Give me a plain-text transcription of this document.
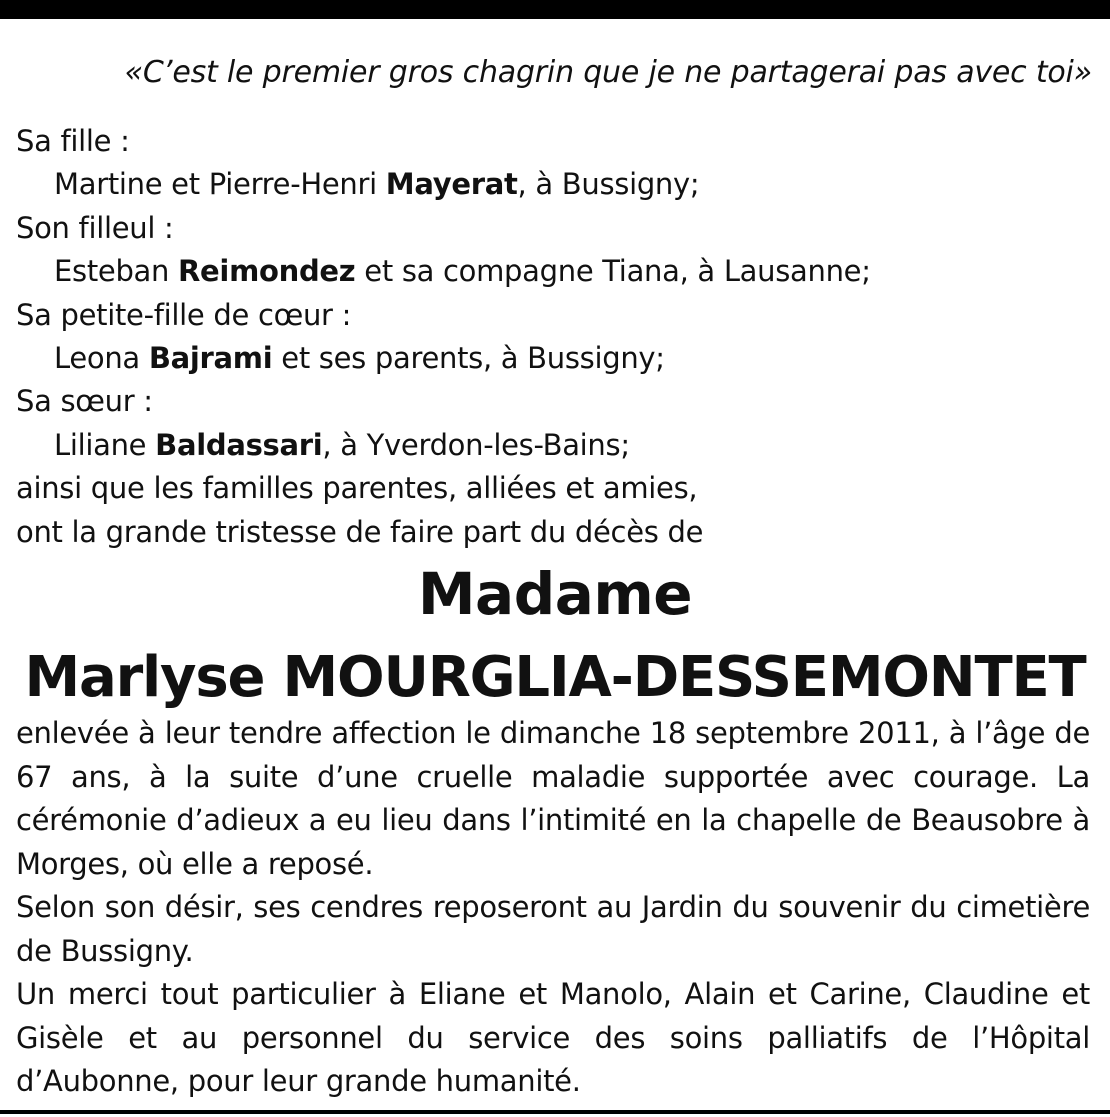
«C’est le premier gros chagrin que je ne partagerai pas avec toi»
Sa fille :
Martine et Pierre-Henri Mayerat, à Bussigny;
Son filleul :
Esteban Reimondez et sa compagne Tiana, à Lausanne;
Sa petite-fille de cœur :
Leona Bajrami et ses parents, à Bussigny;
Sa sœur :
Liliane Baldassari, à Yverdon-les-Bains;
ainsi que les familles parentes, alliées et amies,
ont la grande tristesse de faire part du décès de
Madame
Marlyse MOURGLIA-DESSEMONTET

enlevée à leur tendre affection le dimanche 18 septembre 2011, à l’âge de 67 ans, à la suite d’une cruelle maladie supportée avec courage. La cérémonie d’adieux a eu lieu dans l’intimité en la chapelle de Beausobre à Morges, où elle a reposé.

Selon son désir, ses cendres reposeront au Jardin du souvenir du cimetière de Bussigny.

Un merci tout particulier à Eliane et Manolo, Alain et Carine, Claudine et Gisèle et au personnel du service des soins palliatifs de l’Hôpital d’Aubonne, pour leur grande humanité.
